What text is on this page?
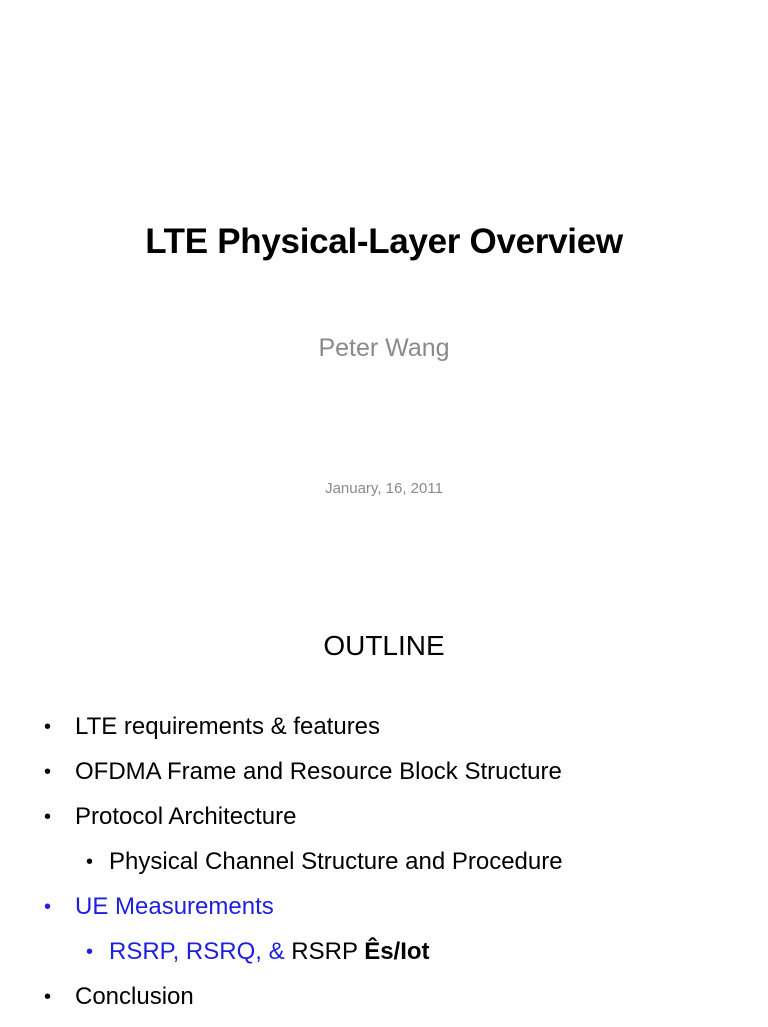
LTE Physical-Layer Overview
Peter Wang
January, 16, 2011
OUTLINE
• LTE requirements & features
• OFDMA Frame and Resource Block Structure
• Protocol Architecture
• Physical Channel Structure and Procedure
• UE Measurements
• RSRP, RSRQ, & RSRP Ês/Iot
• Conclusion
